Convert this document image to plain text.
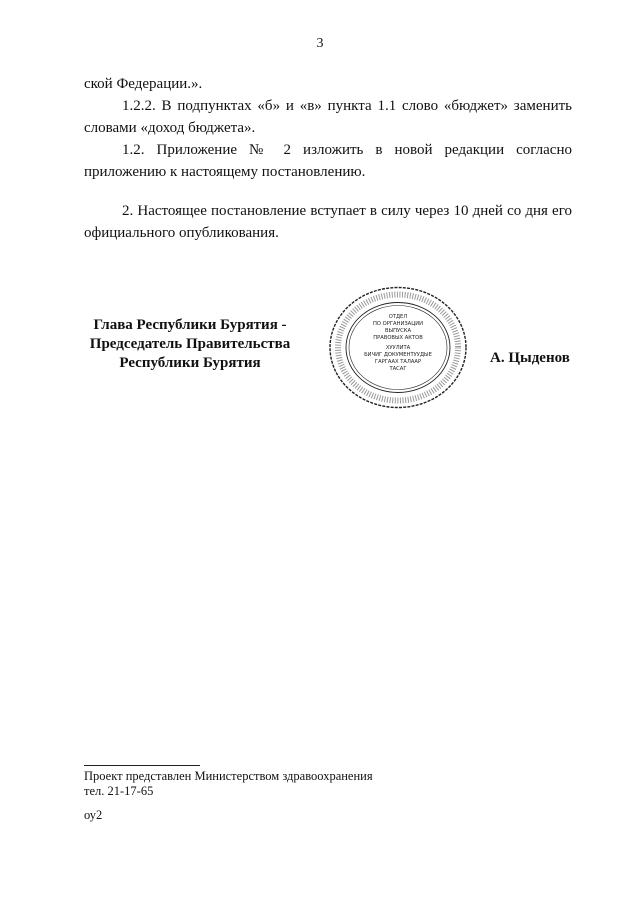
3

ской Федерации.».

1.2.2. В подпунктах «б» и «в» пункта 1.1 слово «бюджет» заменить словами «доход бюджета».

1.2. Приложение № 2 изложить в новой редакции согласно приложению к настоящему постановлению.

2. Настоящее постановление вступает в силу через 10 дней со дня его официального опубликования.

Глава Республики Бурятия -
Председатель Правительства
Республики Бурятия
ОТДЕЛ
ПО ОРГАНИЗАЦИИ
ВЫПУСКА
ПРАВОВЫХ АКТОВ
ХУУЛИТА
БИЧИГ ДОКУМЕНТУУДЫЕ
ГАРГААХ ТАЛААР
ТАСАГ
А. Цыденов
Проект представлен Министерством здравоохранения
тел. 21-17-65
оу2
